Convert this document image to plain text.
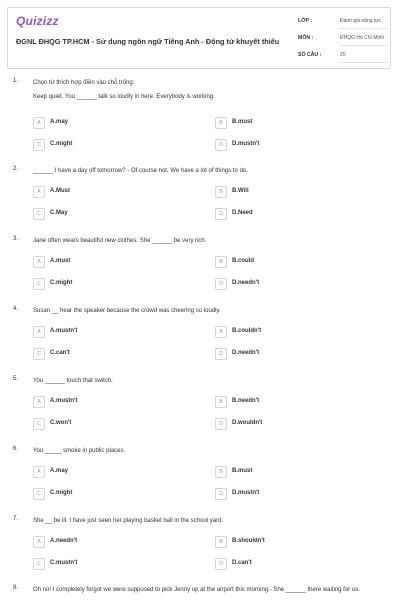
Quizizz
ĐGNL ĐHQG TP.HCM - Sử dụng ngôn ngữ Tiếng Anh - Động từ khuyết thiếu
LỚP :	Đánh giá năng lực
MÔN :	ĐHQG Hồ Chí Minh
SỐ CÂU :	20
1. Chọn từ thích hợp điền vào chỗ trống:
Keep quiet. You ______ talk so loudly in here. Everybody is working.
A	A.may	B	B.must
C	C.might	D	D.mustn't
2. ______ I have a day off tomorrow? - Of course not. We have a lot of things to do.
A	A.Must	B	B.Will
C	C.May	D	D.Need
3. Jane often wears beautiful new clothes. She ______ be very rich.
A	A.must	B	B.could
C	C.might	D	D.needn't
4. Susan __ hear the speaker because the crowd was cheering so loudly.
A	A.mustn't	B	B.couldn't
C	C.can't	D	D.needn't
5. You ______ touch that switch.
A	A.mustn't	B	B.needn't
C	C.won't	D	D.wouldn't
6. You _____ smoke in public places.
A	A.may	B	B.must
C	C.might	D	D.mustn't
7. She __ be ill. I have just seen her playing basket ball in the school yard.
A	A.needn't	B	B.shouldn't
C	C.mustn't	D	D.can't
8. Oh no! I completely forgot we were supposed to pick Jenny up at the airport this morning.- She ______ there waiting for us.
